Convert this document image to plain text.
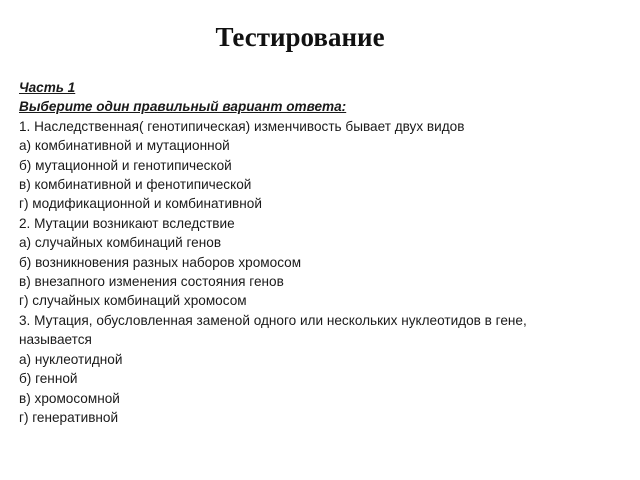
Тестирование
Часть 1
Выберите один правильный вариант ответа:
1. Наследственная( генотипическая) изменчивость бывает двух видов
а) комбинативной и мутационной
б) мутационной и генотипической
в) комбинативной и фенотипической
г) модификационной и комбинативной
2. Мутации возникают вследствие
а) случайных комбинаций генов
б) возникновения разных наборов хромосом
в) внезапного изменения состояния генов
г) случайных комбинаций хромосом
3. Мутация, обусловленная заменой одного или нескольких нуклеотидов в гене, называется
а) нуклеотидной
б) генной
в) хромосомной
г) генеративной
